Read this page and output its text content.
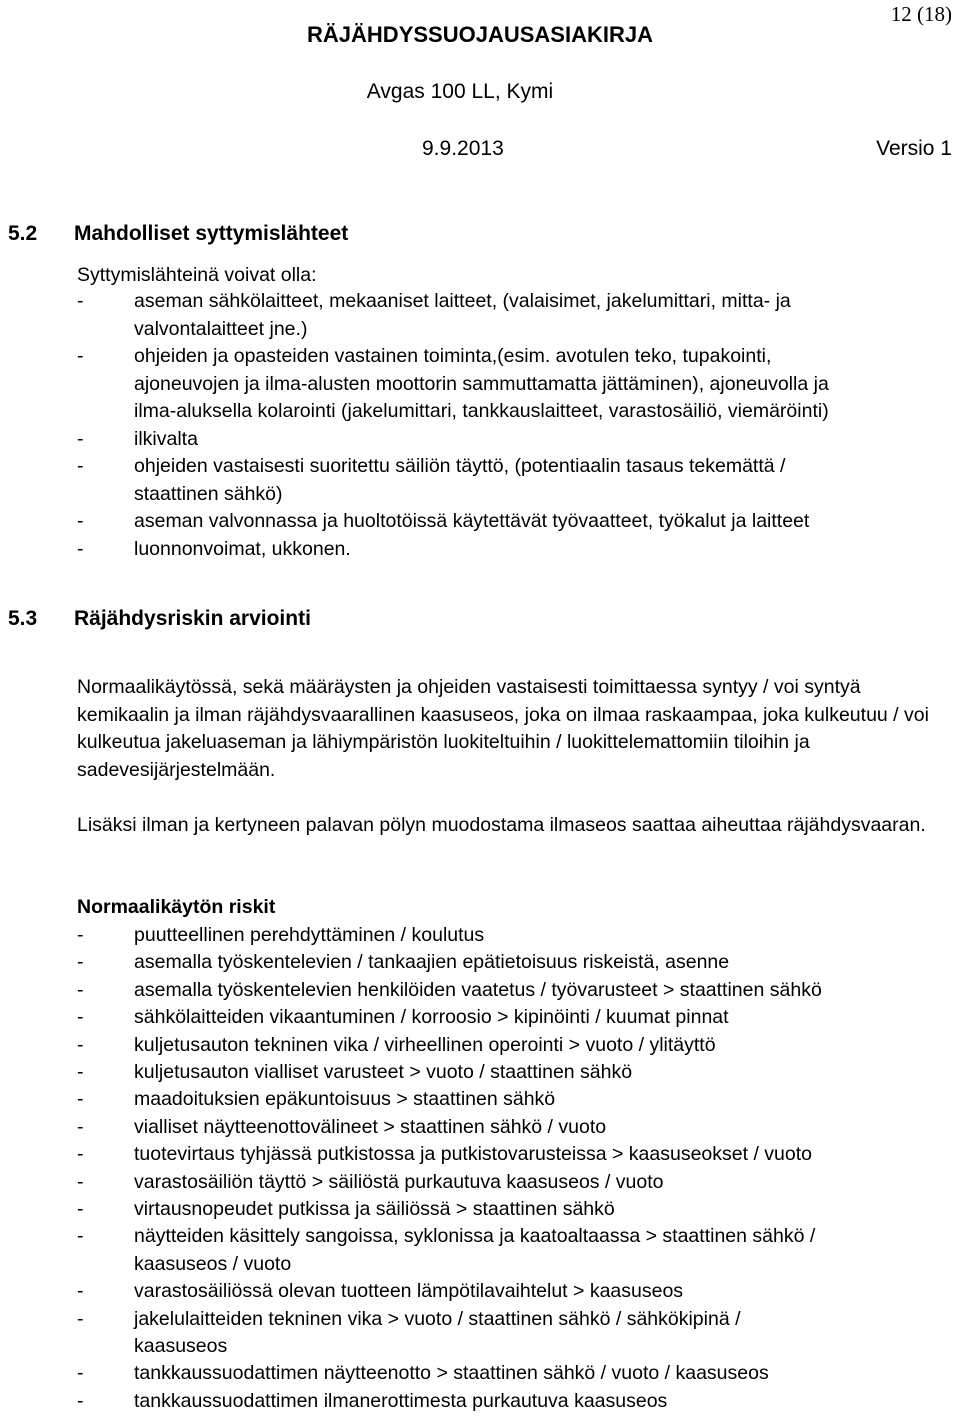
12 (18)
RÄJÄHDYSSUOJAUSASIAKIRJA
Avgas 100 LL, Kymi
9.9.2013	Versio 1
5.2 Mahdolliset syttymislähteet
Syttymislähteinä voivat olla:
-	aseman sähkölaitteet, mekaaniset laitteet, (valaisimet, jakelumittari, mitta- ja
valvontalaitteet jne.)
-	ohjeiden ja opasteiden vastainen toiminta,(esim. avotulen teko, tupakointi,
ajoneuvojen ja ilma-alusten moottorin sammuttamatta jättäminen), ajoneuvolla ja
ilma-aluksella kolarointi (jakelumittari, tankkauslaitteet, varastosäiliö, viemäröinti)
-	ilkivalta
-	ohjeiden vastaisesti suoritettu säiliön täyttö, (potentiaalin tasaus tekemättä /
staattinen sähkö)
-	aseman valvonnassa ja huoltotöissä käytettävät työvaatteet, työkalut ja laitteet
-	luonnonvoimat, ukkonen.
5.3 Räjähdysriskin arviointi
Normaalikäytössä, sekä määräysten ja ohjeiden vastaisesti toimittaessa syntyy / voi syntyä kemikaalin ja ilman räjähdysvaarallinen kaasuseos, joka on ilmaa raskaampaa, joka kulkeutuu / voi kulkeutua jakeluaseman ja lähiympäristön luokiteltuihin / luokittelemattomiin tiloihin ja sadevesijärjestelmään.
Lisäksi ilman ja kertyneen palavan pölyn muodostama ilmaseos saattaa aiheuttaa räjähdysvaaran.
Normaalikäytön riskit
-	puutteellinen perehdyttäminen / koulutus
-	asemalla työskentelevien / tankaajien epätietoisuus riskeistä, asenne
-	asemalla työskentelevien henkilöiden vaatetus / työvarusteet > staattinen sähkö
-	sähkölaitteiden vikaantuminen / korroosio > kipinöinti / kuumat pinnat
-	kuljetusauton tekninen vika / virheellinen operointi > vuoto / ylitäyttö
-	kuljetusauton vialliset varusteet > vuoto / staattinen sähkö
-	maadoituksien epäkuntoisuus > staattinen sähkö
-	vialliset näytteenottovälineet > staattinen sähkö / vuoto
-	tuotevirtaus tyhjässä putkistossa ja putkistovarusteissa > kaasuseokset / vuoto
-	varastosäiliön täyttö > säiliöstä purkautuva kaasuseos / vuoto
-	virtausnopeudet putkissa ja säiliössä > staattinen sähkö
-	näytteiden käsittely sangoissa, syklonissa ja kaatoaltaassa > staattinen sähkö /
kaasuseos / vuoto
-	varastosäiliössä olevan tuotteen lämpötilavaihtelut > kaasuseos
-	jakelulaitteiden tekninen vika > vuoto / staattinen sähkö / sähkökipinä /
kaasuseos
-	tankkaussuodattimen näytteenotto > staattinen sähkö / vuoto / kaasuseos
-	tankkaussuodattimen ilmanerottimesta purkautuva kaasuseos
